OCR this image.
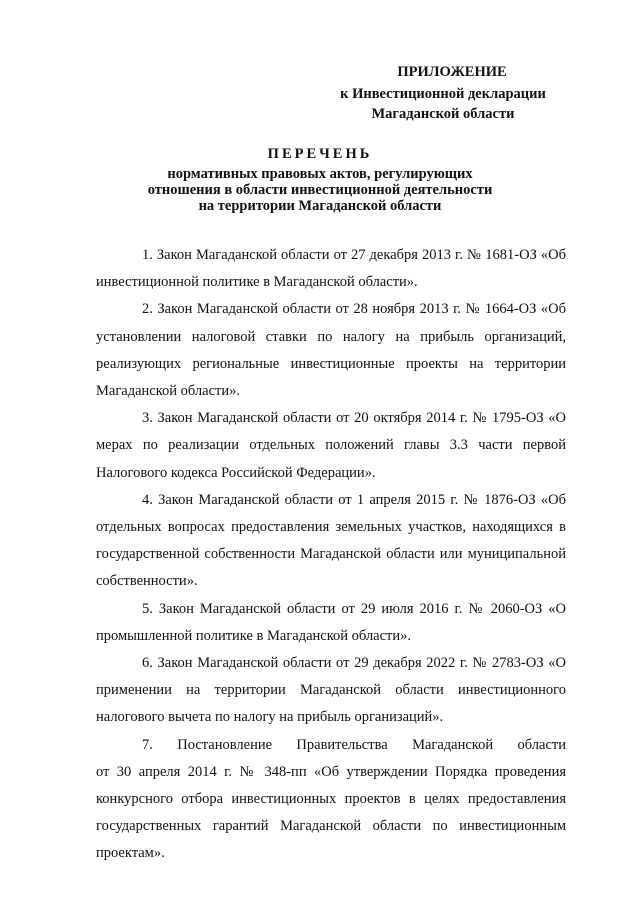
ПРИЛОЖЕНИЕ
к Инвестиционной декларации
Магаданской области
ПЕРЕЧЕНЬ
нормативных правовых актов, регулирующих
отношения в области инвестиционной деятельности
на территории Магаданской области

1. Закон Магаданской области от 27 декабря 2013 г. № 1681-ОЗ «Об инвестиционной политике в Магаданской области».

2. Закон Магаданской области от 28 ноября 2013 г. № 1664-ОЗ «Об установлении налоговой ставки по налогу на прибыль организаций, реализующих региональные инвестиционные проекты на территории Магаданской области».

3. Закон Магаданской области от 20 октября 2014 г. № 1795-ОЗ «О мерах по реализации отдельных положений главы 3.3 части первой Налогового кодекса Российской Федерации».

4. Закон Магаданской области от 1 апреля 2015 г. № 1876-ОЗ «Об отдельных вопросах предоставления земельных участков, находящихся в государственной собственности Магаданской области или муниципальной собственности».

5. Закон Магаданской области от 29 июля 2016 г. № 2060-ОЗ «О промышленной политике в Магаданской области».

6. Закон Магаданской области от 29 декабря 2022 г. № 2783-ОЗ «О применении на территории Магаданской области инвестиционного налогового вычета по налогу на прибыль организаций».

7. Постановление Правительства Магаданской области

от 30 апреля 2014 г. № 348-пп «Об утверждении Порядка проведения конкурсного отбора инвестиционных проектов в целях предоставления государственных гарантий Магаданской области по инвестиционным проектам».
